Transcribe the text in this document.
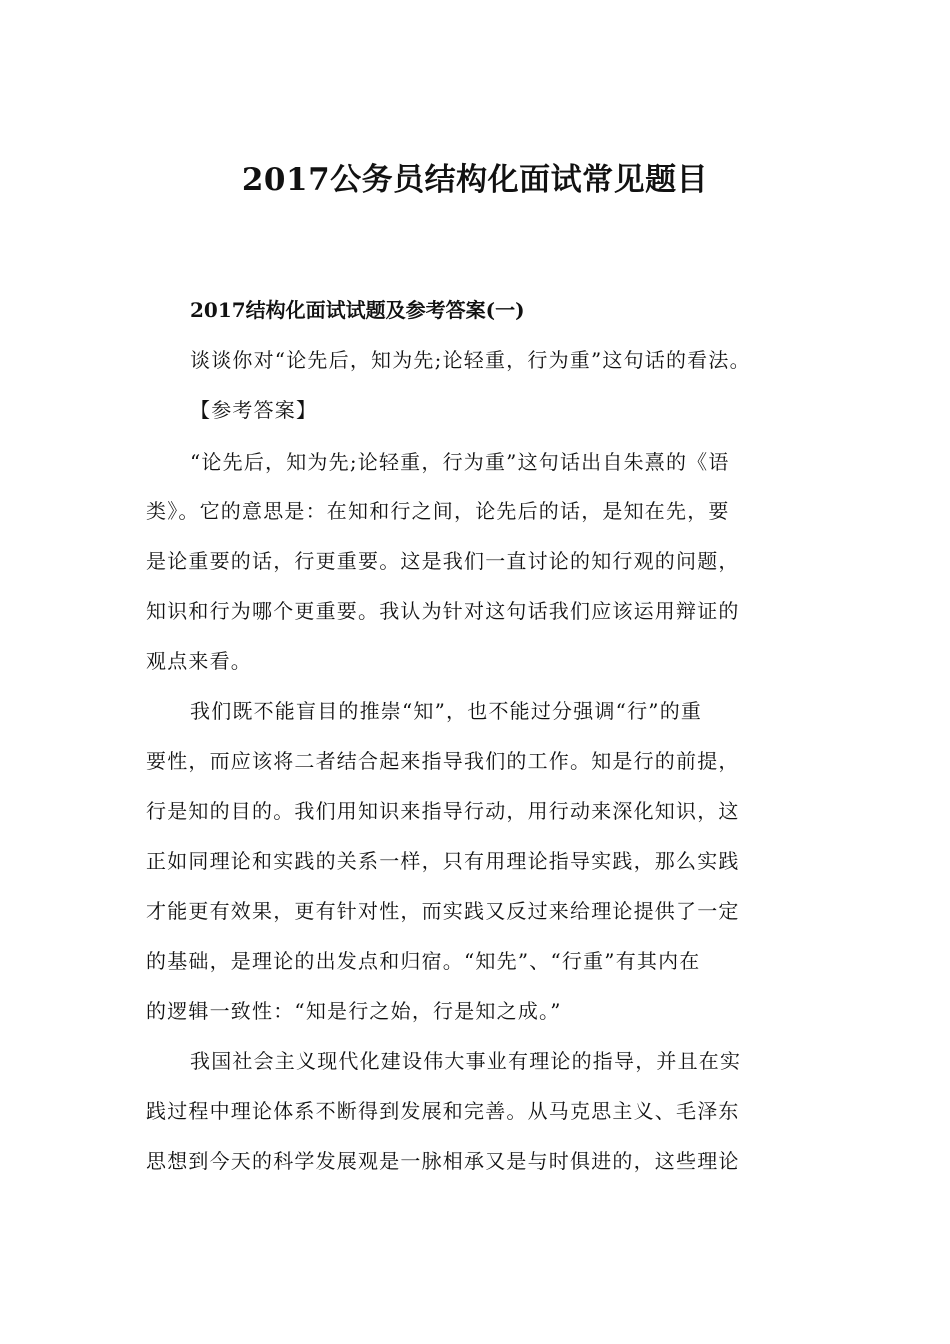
2017公务员结构化面试常见题目
2017结构化面试试题及参考答案(一)
谈谈你对“论先后，知为先;论轻重，行为重”这句话的看法。
【参考答案】
“论先后，知为先;论轻重，行为重”这句话出自朱熹的《语
类》。它的意思是：在知和行之间，论先后的话，是知在先，要
是论重要的话，行更重要。这是我们一直讨论的知行观的问题，
知识和行为哪个更重要。我认为针对这句话我们应该运用辩证的
观点来看。
我们既不能盲目的推崇“知”，也不能过分强调“行”的重
要性，而应该将二者结合起来指导我们的工作。知是行的前提，
行是知的目的。我们用知识来指导行动，用行动来深化知识，这
正如同理论和实践的关系一样，只有用理论指导实践，那么实践
才能更有效果，更有针对性，而实践又反过来给理论提供了一定
的基础，是理论的出发点和归宿。“知先”、“行重”有其内在
的逻辑一致性：“知是行之始，行是知之成。”
我国社会主义现代化建设伟大事业有理论的指导，并且在实
践过程中理论体系不断得到发展和完善。从马克思主义、毛泽东
思想到今天的科学发展观是一脉相承又是与时俱进的，这些理论
